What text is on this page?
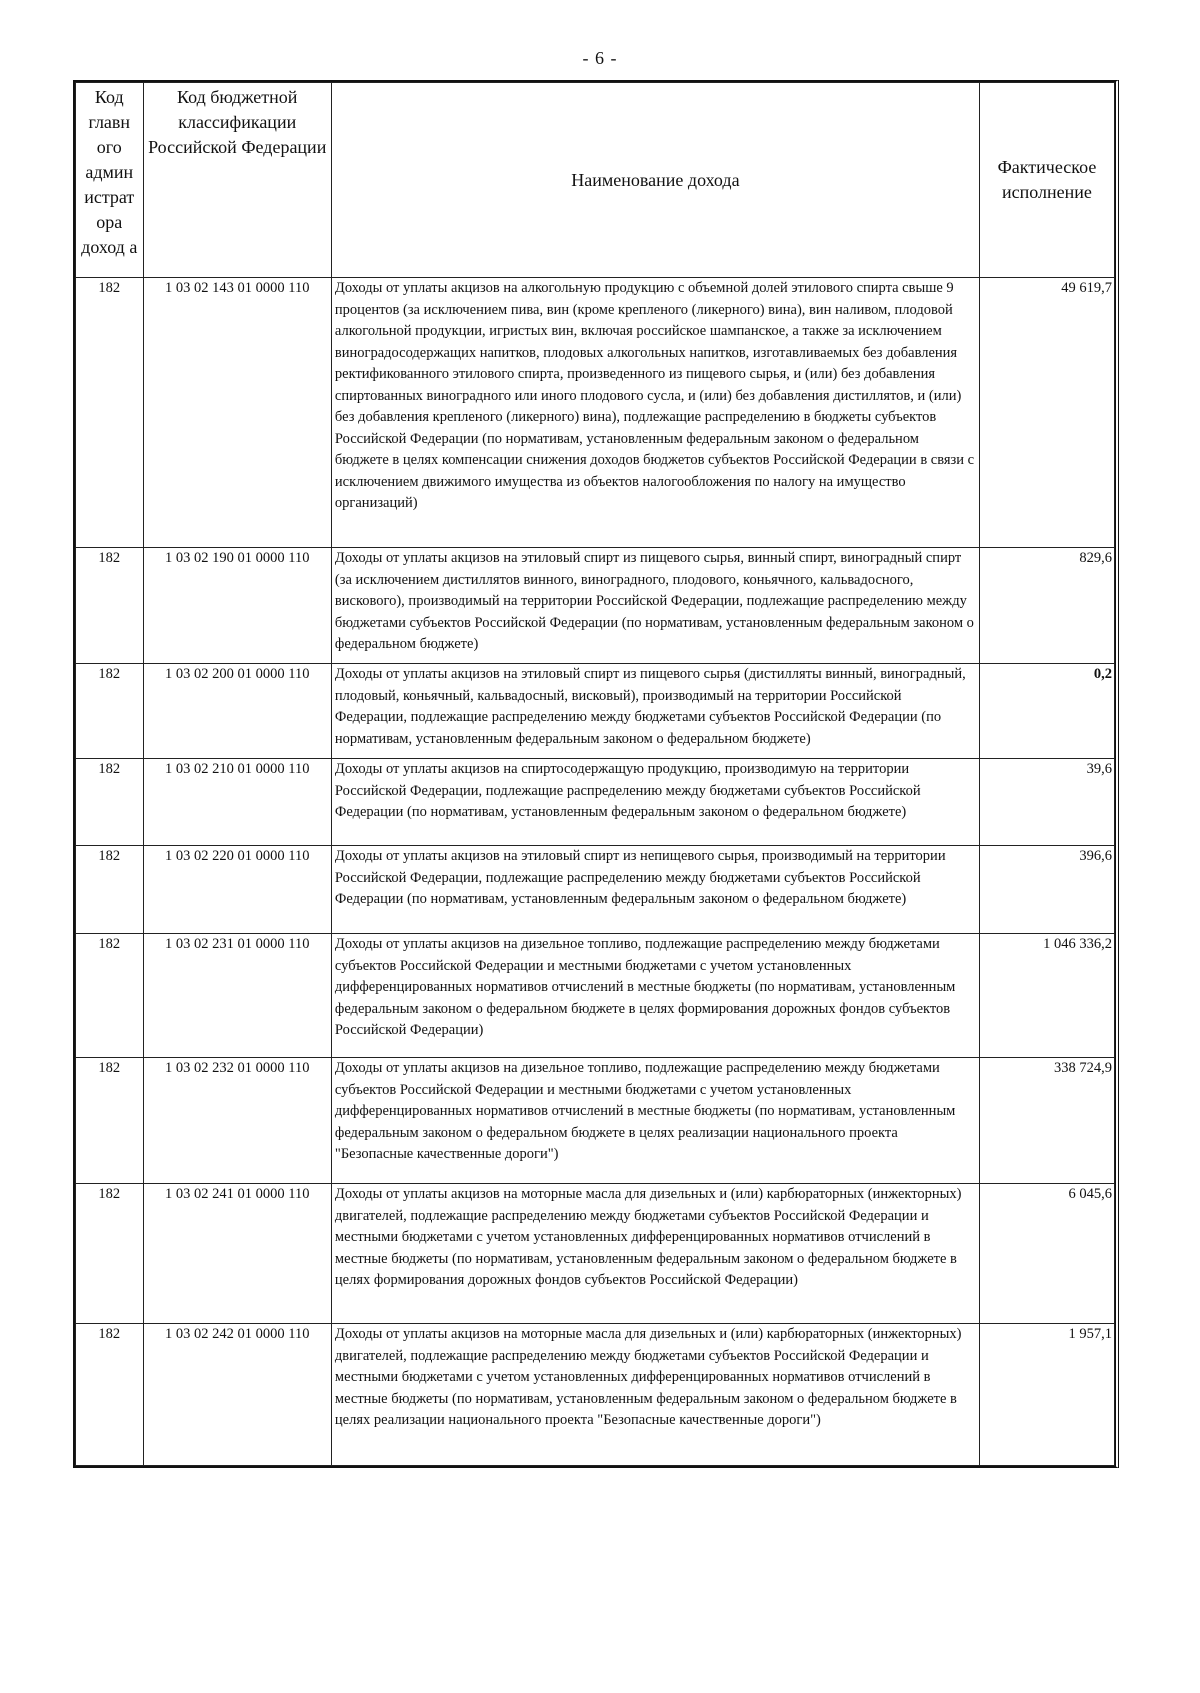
- 6 -
Код главн ого админ истрат ора доход а	Код бюджетной классификации Российской Федерации	Наименование дохода	Фактическое исполнение
182	1 03 02 143 01 0000 110	Доходы от уплаты акцизов на алкогольную продукцию с объемной долей этилового спирта свыше 9 процентов (за исключением пива, вин (кроме крепленого (ликерного) вина), вин наливом, плодовой алкогольной продукции, игристых вин, включая российское шампанское, а также за исключением виноградосодержащих напитков, плодовых алкогольных напитков, изготавливаемых без добавления ректификованного этилового спирта, произведенного из пищевого сырья, и (или) без добавления спиртованных виноградного или иного плодового сусла, и (или) без добавления дистиллятов, и (или) без добавления крепленого (ликерного) вина), подлежащие распределению в бюджеты субъектов Российской Федерации (по нормативам, установленным федеральным законом о федеральном бюджете в целях компенсации снижения доходов бюджетов субъектов Российской Федерации в связи с исключением движимого имущества из объектов налогообложения по налогу на имущество организаций)	49 619,7
182	1 03 02 190 01 0000 110	Доходы от уплаты акцизов на этиловый спирт из пищевого сырья, винный спирт, виноградный спирт (за исключением дистиллятов винного, виноградного, плодового, коньячного, кальвадосного, вискового), производимый на территории Российской Федерации, подлежащие распределению между бюджетами субъектов Российской Федерации (по нормативам, установленным федеральным законом о федеральном бюджете)	829,6
182	1 03 02 200 01 0000 110	Доходы от уплаты акцизов на этиловый спирт из пищевого сырья (дистилляты винный, виноградный, плодовый, коньячный, кальвадосный, висковый), производимый на территории Российской Федерации, подлежащие распределению между бюджетами субъектов Российской Федерации (по нормативам, установленным федеральным законом о федеральном бюджете)	0,2
182	1 03 02 210 01 0000 110	Доходы от уплаты акцизов на спиртосодержащую продукцию, производимую на территории Российской Федерации, подлежащие распределению между бюджетами субъектов Российской Федерации (по нормативам, установленным федеральным законом о федеральном бюджете)	39,6
182	1 03 02 220 01 0000 110	Доходы от уплаты акцизов на этиловый спирт из непищевого сырья, производимый на территории Российской Федерации, подлежащие распределению между бюджетами субъектов Российской Федерации (по нормативам, установленным федеральным законом о федеральном бюджете)	396,6
182	1 03 02 231 01 0000 110	Доходы от уплаты акцизов на дизельное топливо, подлежащие распределению между бюджетами субъектов Российской Федерации и местными бюджетами с учетом установленных дифференцированных нормативов отчислений в местные бюджеты (по нормативам, установленным федеральным законом о федеральном бюджете в целях формирования дорожных фондов субъектов Российской Федерации)	1 046 336,2
182	1 03 02 232 01 0000 110	Доходы от уплаты акцизов на дизельное топливо, подлежащие распределению между бюджетами субъектов Российской Федерации и местными бюджетами с учетом установленных дифференцированных нормативов отчислений в местные бюджеты (по нормативам, установленным федеральным законом о федеральном бюджете в целях реализации национального проекта "Безопасные качественные дороги")	338 724,9
182	1 03 02 241 01 0000 110	Доходы от уплаты акцизов на моторные масла для дизельных и (или) карбюраторных (инжекторных) двигателей, подлежащие распределению между бюджетами субъектов Российской Федерации и местными бюджетами с учетом установленных дифференцированных нормативов отчислений в местные бюджеты (по нормативам, установленным федеральным законом о федеральном бюджете в целях формирования дорожных фондов субъектов Российской Федерации)	6 045,6
182	1 03 02 242 01 0000 110	Доходы от уплаты акцизов на моторные масла для дизельных и (или) карбюраторных (инжекторных) двигателей, подлежащие распределению между бюджетами субъектов Российской Федерации и местными бюджетами с учетом установленных дифференцированных нормативов отчислений в местные бюджеты (по нормативам, установленным федеральным законом о федеральном бюджете в целях реализации национального проекта "Безопасные качественные дороги")	1 957,1
